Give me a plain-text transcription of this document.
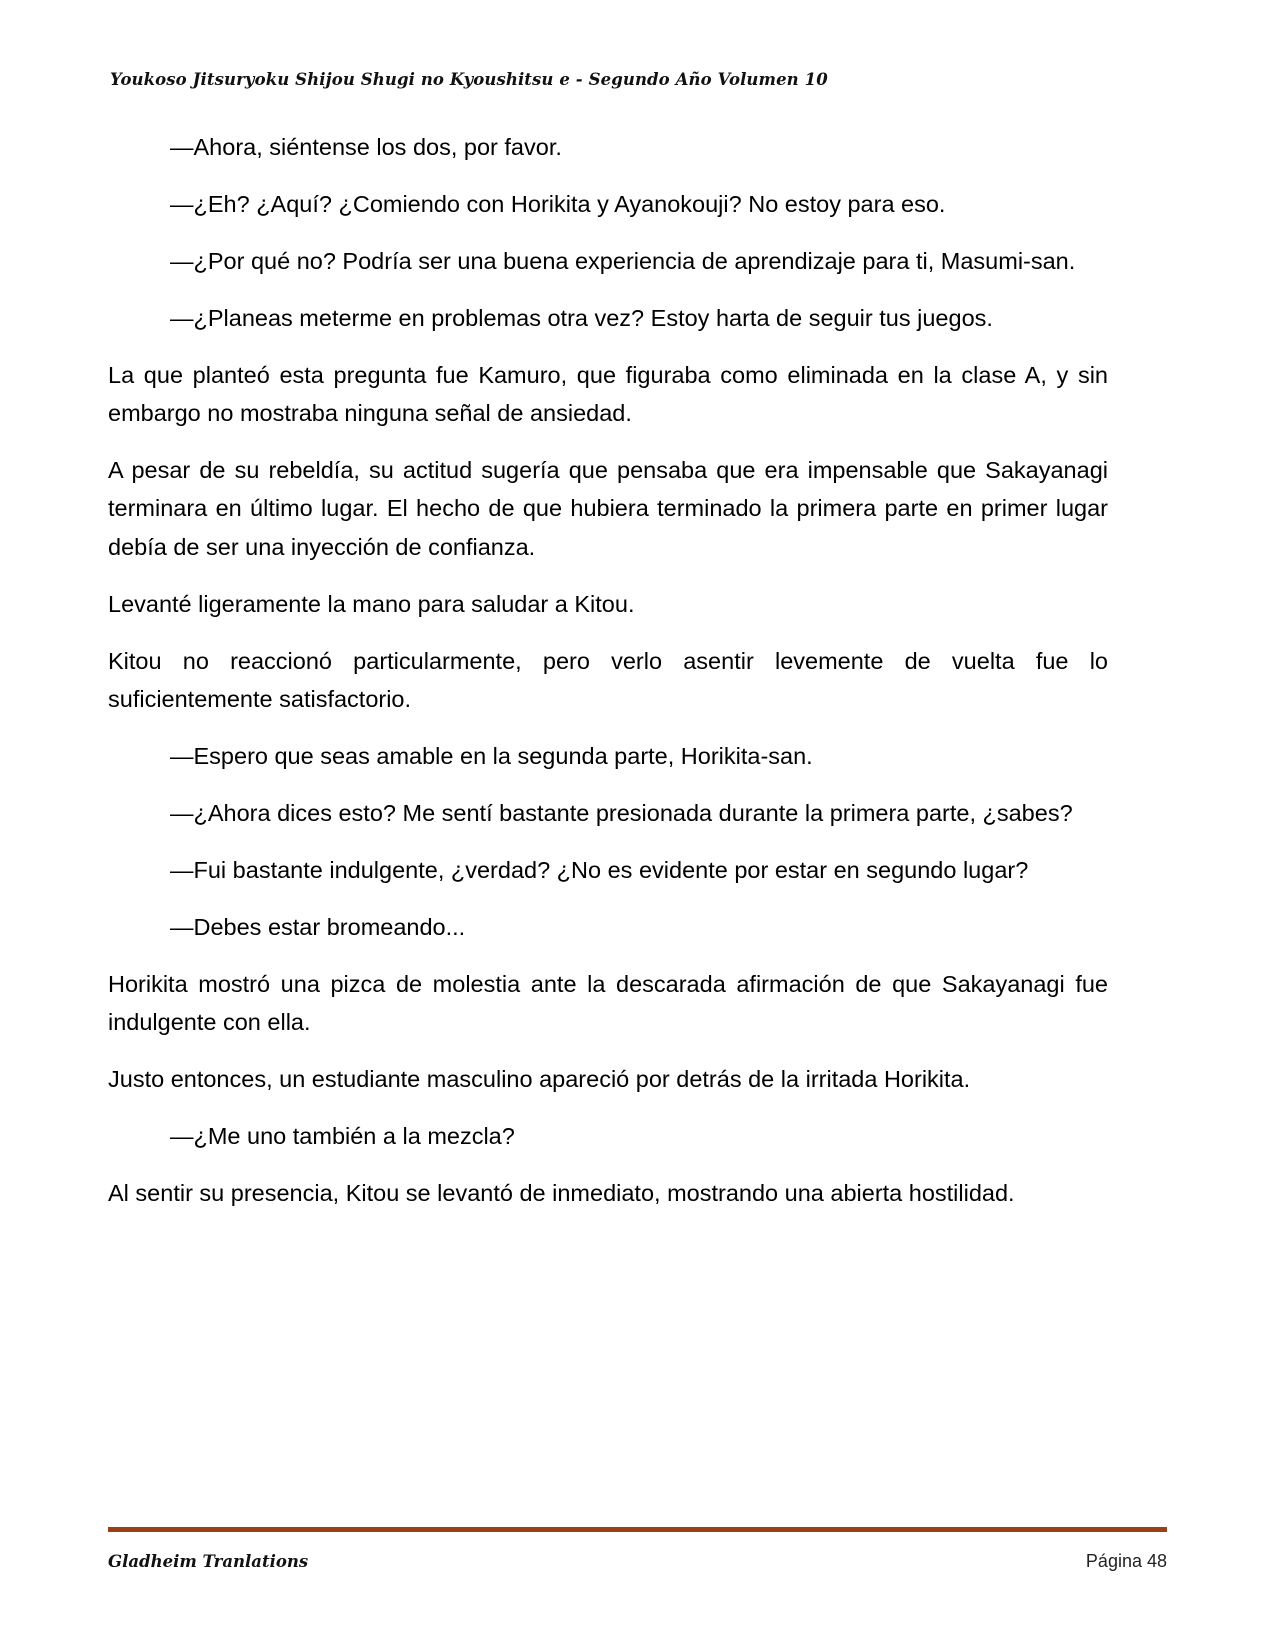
Youkoso Jitsuryoku Shijou Shugi no Kyoushitsu e - Segundo Año Volumen 10

—Ahora, siéntense los dos, por favor.

—¿Eh? ¿Aquí? ¿Comiendo con Horikita y Ayanokouji? No estoy para eso.

—¿Por qué no? Podría ser una buena experiencia de aprendizaje para ti, Masumi-san.

—¿Planeas meterme en problemas otra vez? Estoy harta de seguir tus juegos.

La que planteó esta pregunta fue Kamuro, que figuraba como eliminada en la clase A, y sin embargo no mostraba ninguna señal de ansiedad.

A pesar de su rebeldía, su actitud sugería que pensaba que era impensable que Sakayanagi terminara en último lugar. El hecho de que hubiera terminado la primera parte en primer lugar debía de ser una inyección de confianza.

Levanté ligeramente la mano para saludar a Kitou.

Kitou no reaccionó particularmente, pero verlo asentir levemente de vuelta fue lo suficientemente satisfactorio.

—Espero que seas amable en la segunda parte, Horikita-san.

—¿Ahora dices esto? Me sentí bastante presionada durante la primera parte, ¿sabes?

—Fui bastante indulgente, ¿verdad? ¿No es evidente por estar en segundo lugar?

—Debes estar bromeando...

Horikita mostró una pizca de molestia ante la descarada afirmación de que Sakayanagi fue indulgente con ella.

Justo entonces, un estudiante masculino apareció por detrás de la irritada Horikita.

—¿Me uno también a la mezcla?

Al sentir su presencia, Kitou se levantó de inmediato, mostrando una abierta hostilidad.

Gladheim Tranlations	Página 48
